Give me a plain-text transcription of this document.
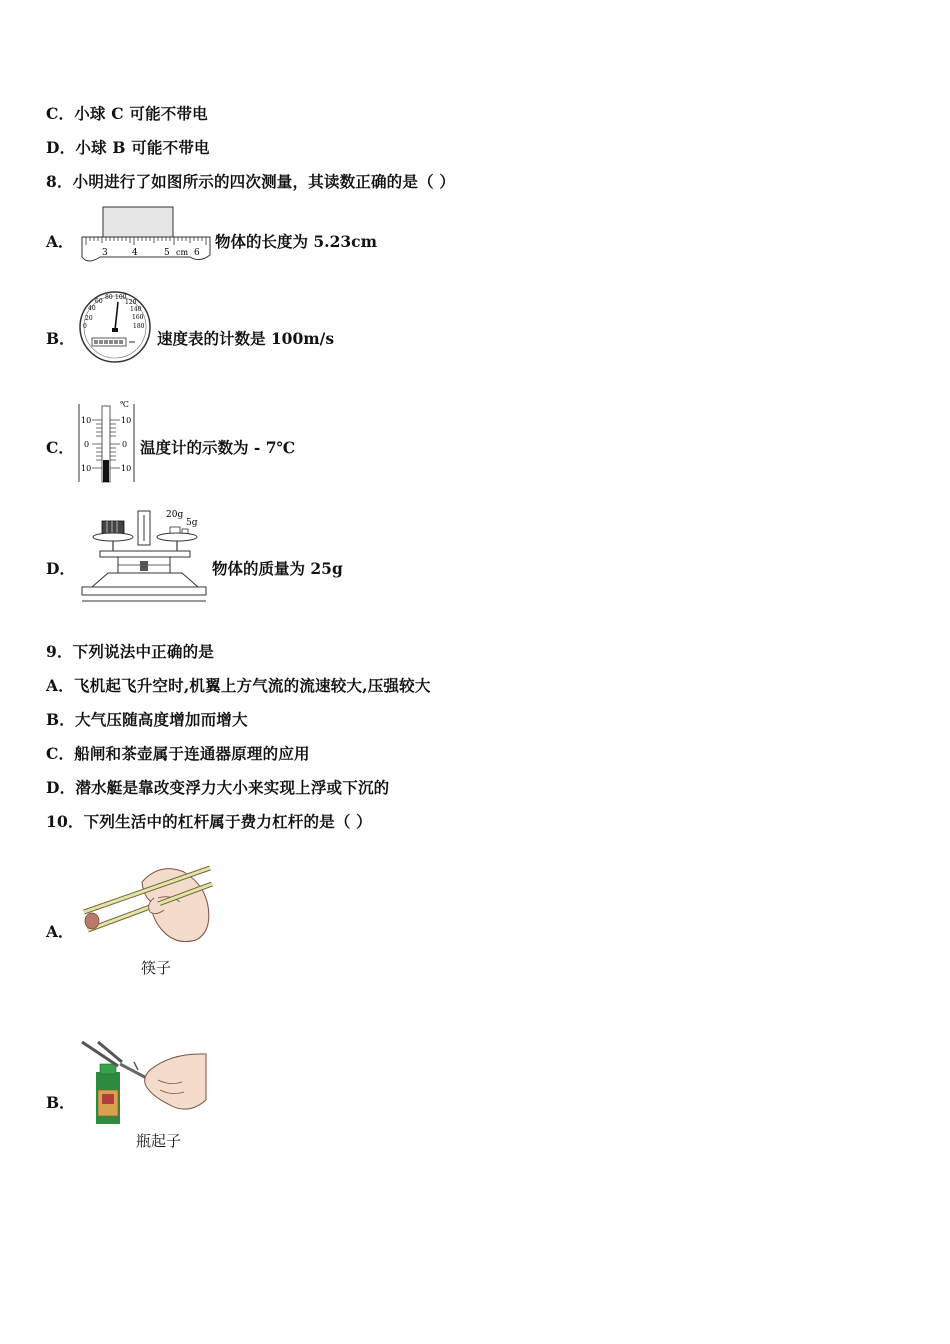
C．小球 C 可能不带电
D．小球 B 可能不带电
8．小明进行了如图所示的四次测量，其读数正确的是（ ）
A．
3	4	5 cm 6
物体的长度为 5.23cm
B．
20
40
60
80 100
120
140
160
180
0
速度表的计数是 100m/s
C．
℃
10
0
10
10
0
10
温度计的示数为 - 7℃
D．
20g
5g
物体的质量为 25g
9．下列说法中正确的是
A．飞机起飞升空时,机翼上方气流的流速较大,压强较大
B．大气压随高度增加而增大
C．船闸和茶壶属于连通器原理的应用
D．潜水艇是靠改变浮力大小来实现上浮或下沉的
10．下列生活中的杠杆属于费力杠杆的是（ ）
A．
筷子
B．
瓶起子
